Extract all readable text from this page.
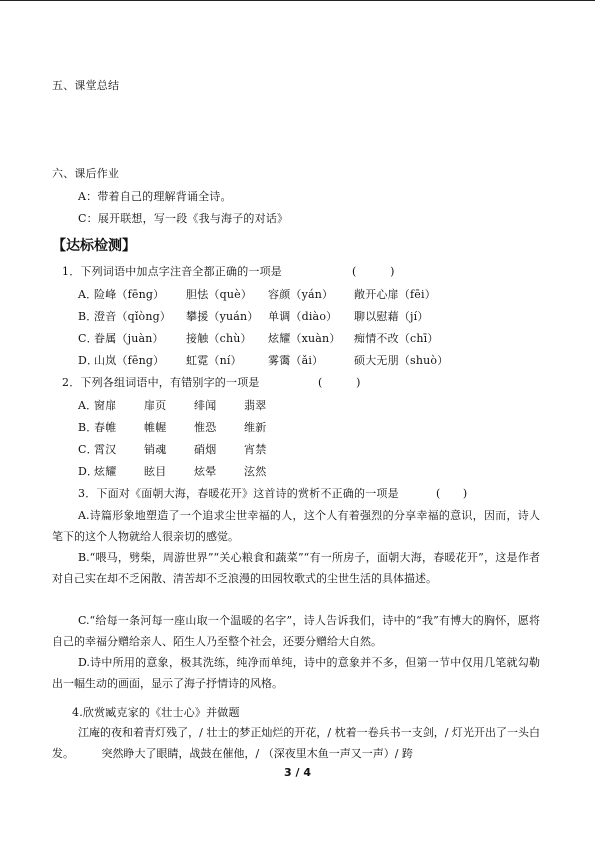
五、课堂总结
六、课后作业
A：带着自己的理解背诵全诗。
C：展开联想，写一段《我与海子的对话》
【达标检测】
1．下列词语中加点字注音全都正确的一项是	(　　　)
A．
险峰（fēng） 胆怯（què） 容颜（yán） 敞开心扉（fēi）
B．
澄音（qǐòng） 攀援（yuán） 单调（diào） 聊以慰藉（jí）
C．
眷属（juàn） 接触（chù） 炫耀（xuàn） 痴情不改（chī）
D．
山岚（fēng） 虹霓（ní） 雾霭（ǎi）	硕大无朋（shuò）
2．下列各组词语中，有错别字的一项是	(　　　)
A．
窗扉	扉页	绯闻	翡翠
B．
春帷	帷幄	惟恐	维新
C．
霄汉	销魂	硝烟	宵禁
D．
炫耀	眩目	炫晕	泫然
3．下面对《面朝大海，春暖花开》这首诗的赏析不正确的一项是	(　　)
A.诗篇形象地塑造了一个追求尘世幸福的人，这个人有着强烈的分享幸福的意识，因而，诗人笔下的这个人物就给人很亲切的感觉。
B.“喂马，劈柴，周游世界”“关心粮食和蔬菜”“有一所房子，面朝大海，春暖花开”，这是作者对自己实在却不乏闲散、清苦却不乏浪漫的田园牧歌式的尘世生活的具体描述。
C.“给每一条河每一座山取一个温暖的名字”，诗人告诉我们，诗中的“我”有博大的胸怀，愿将自己的幸福分赠给亲人、陌生人乃至整个社会，还要分赠给大自然。
D.诗中所用的意象，极其洗练，纯净而单纯，诗中的意象并不多，但第一节中仅用几笔就勾勒出一幅生动的画面，显示了海子抒情诗的风格。
4.欣赏臧克家的《壮士心》并做题
江庵的夜和着青灯残了，/ 壮士的梦正灿烂的开花，/ 枕着一卷兵书一支剑，/ 灯光开出了一头白发。　　　突然睁大了眼睛，战鼓在催他，/ （深夜里木鱼一声又一声）/ 跨
3 / 4
